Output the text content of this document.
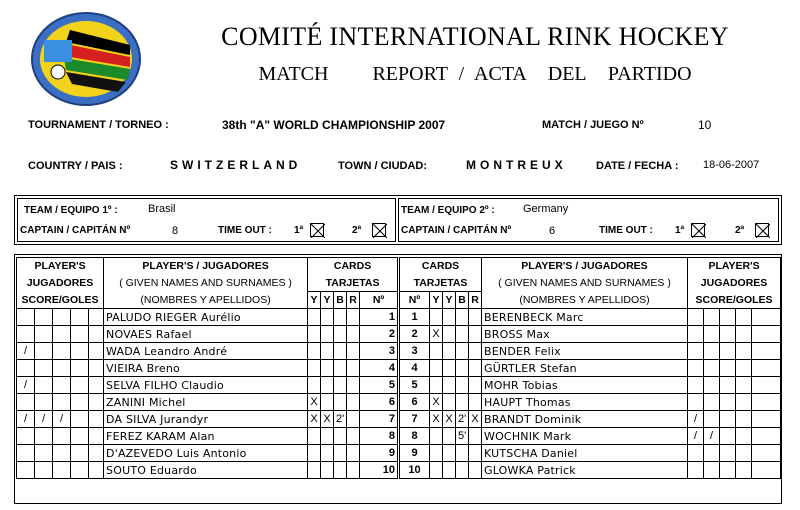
COMITÉ INTERNATIONAL RINK HOCKEY
MATCH    REPORT / ACTA  DEL  PARTIDO
TOURNAMENT / TORNEO :	38th "A" WORLD CHAMPIONSHIP 2007	MATCH / JUEGO Nº	10
COUNTRY / PAIS :	SWITZERLAND	TOWN / CIUDAD:	MONTREUX	DATE / FECHA : 18-06-2007
TEAM / EQUIPO 1º :	Brasil
CAPTAIN / CAPITÁN Nº	8	TIME OUT : 1ª	2ª
TEAM / EQUIPO 2º :	Germany
CAPTAIN / CAPITÁN Nº	6	TIME OUT : 1ª	2ª
PLAYER'S					PLAYER'S / JUGADORES	CARDS				
JUGADORES					( GIVEN NAMES AND SURNAMES )	TARJETAS				
SCORE/GOLES					(NOMBRES Y APELLIDOS)	Y	Y	B	R	Nº
					PALUDO RIEGER Aurélio					1
					NOVAES Rafael					2
/					WADA Leandro André					3
					VIEIRA Breno					4
/					SELVA FILHO Claudio					5
					ZANINI Michel	X				6
/	/	/			DA SILVA Jurandyr	X	X	2'		7
					FEREZ KARAM Alan					8
					D'AZEVEDO Luis Antonio					9
					SOUTO Eduardo					10
CARDS					PLAYER'S / JUGADORES	PLAYER'S				
TARJETAS					( GIVEN NAMES AND SURNAMES )	JUGADORES				
Nº	Y	Y	B	R	(NOMBRES Y APELLIDOS)	SCORE/GOLES				
1					BERENBECK Marc					
2	X				BROSS Max					
3					BENDER Felix					
4					GÜRTLER Stefan					
5					MOHR Tobias					
6	X				HAUPT Thomas					
7	X	X	2'	X	BRANDT Dominik	/				
8			5'		WOCHNIK Mark	/	/			
9					KUTSCHA Daniel					
10					GLOWKA Patrick					
